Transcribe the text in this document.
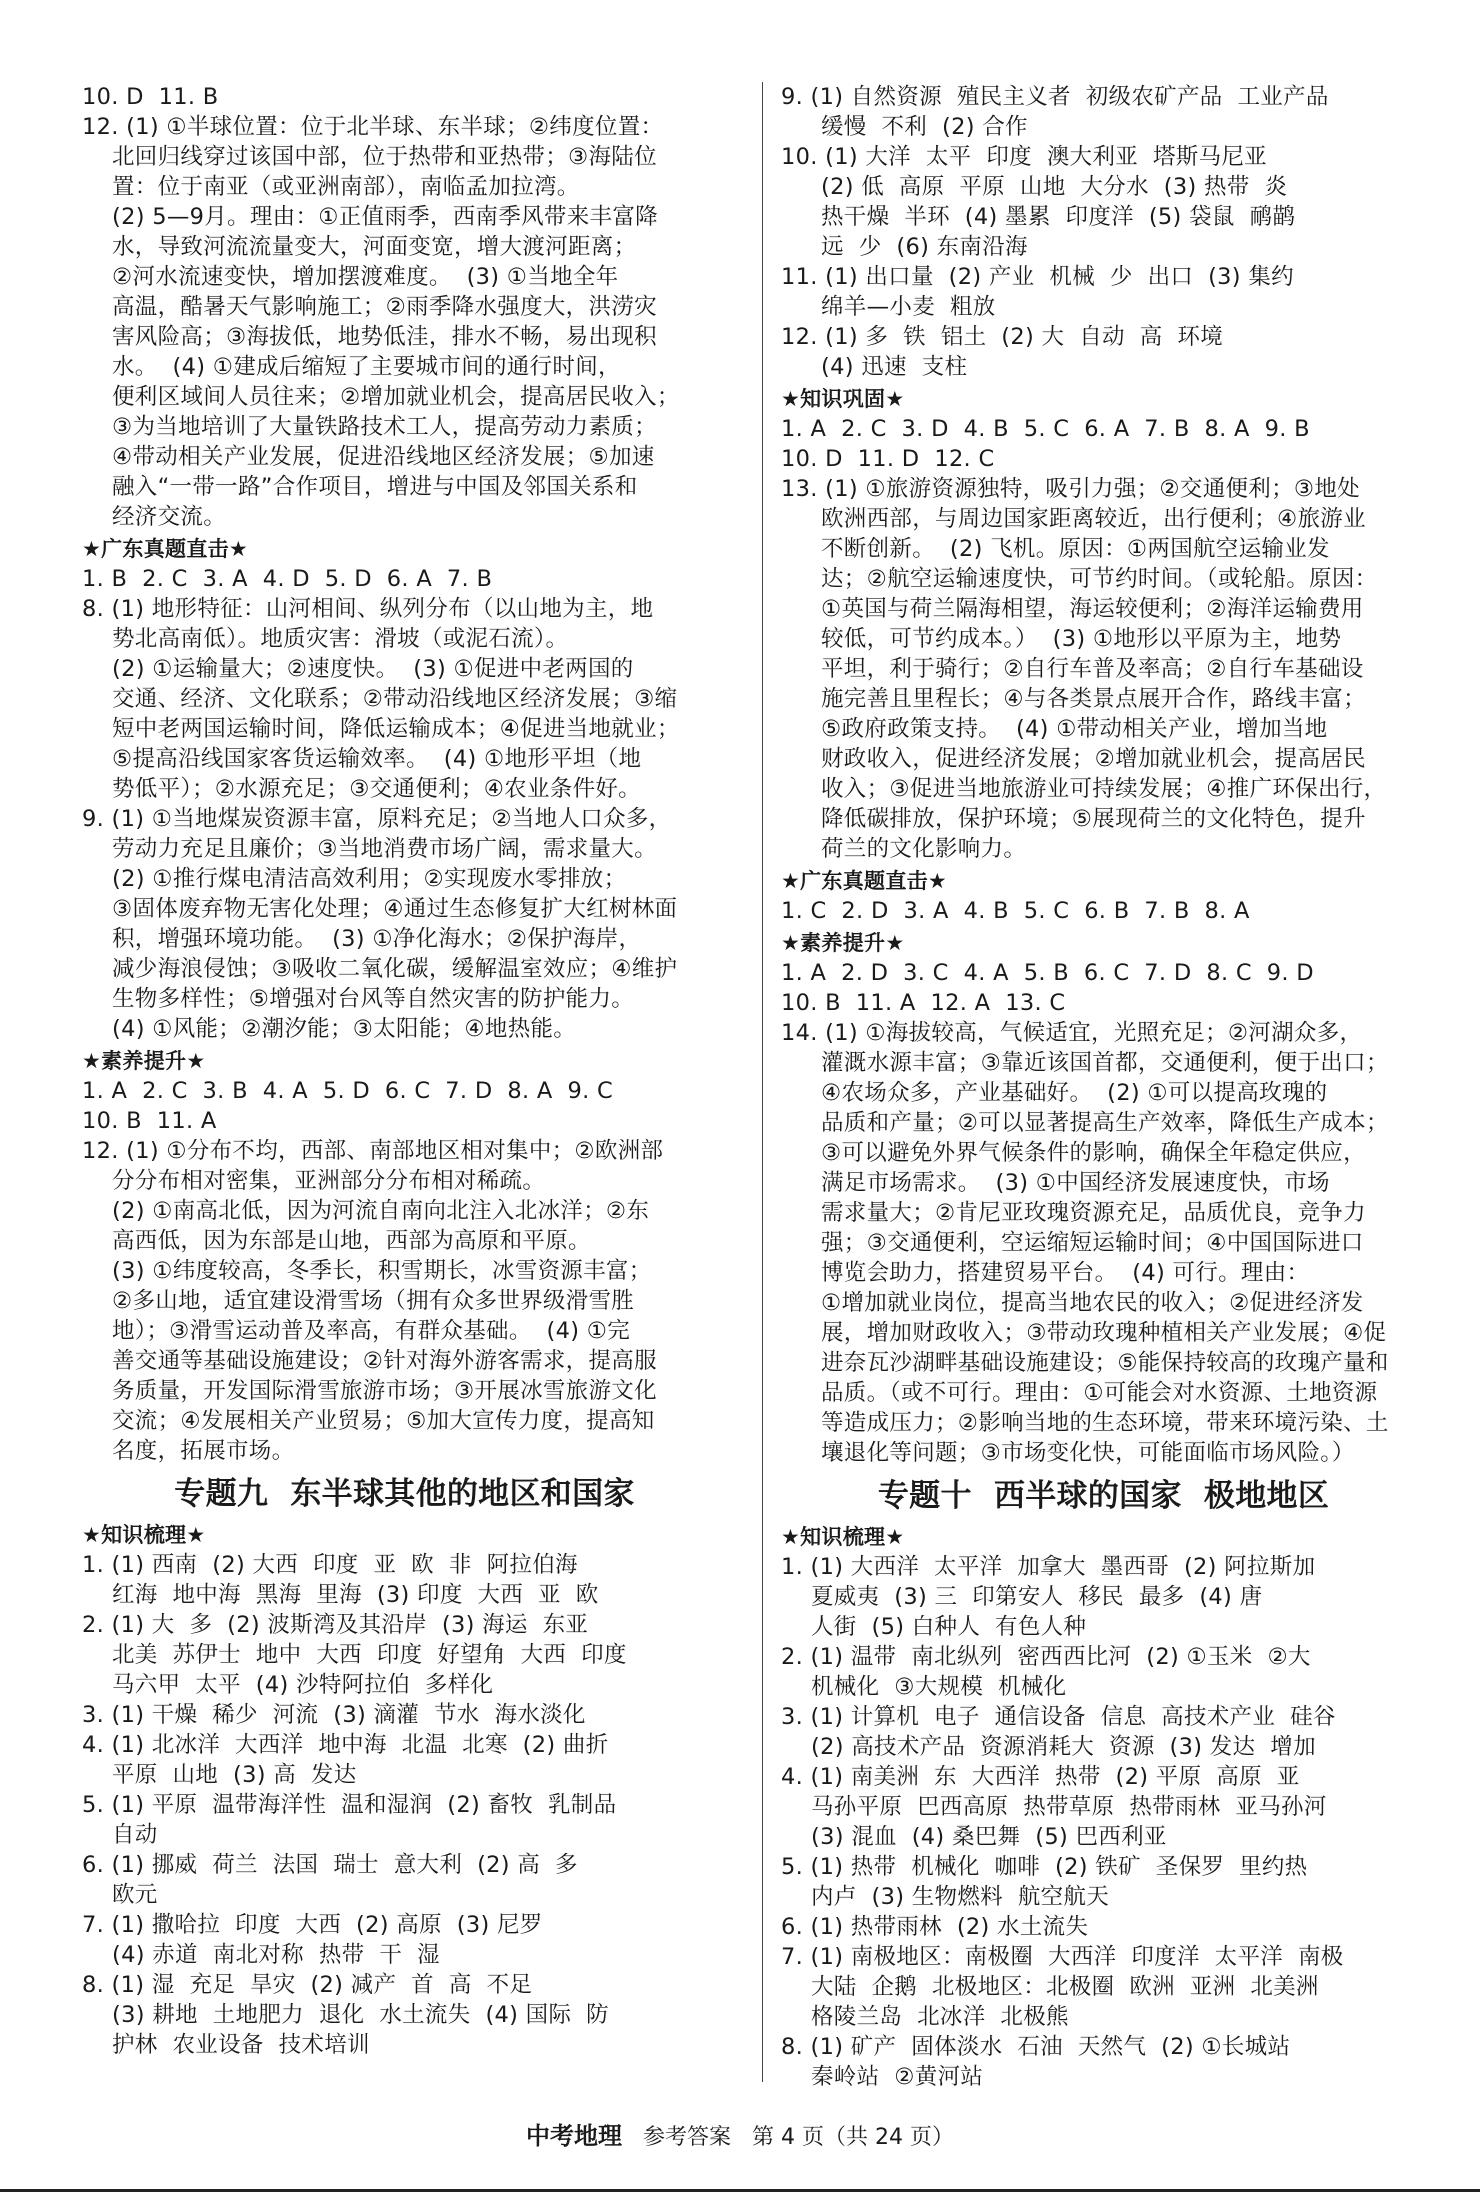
10. D  11. B
12. (1) ①半球位置：位于北半球、东半球；②纬度位置：
北回归线穿过该国中部，位于热带和亚热带；③海陆位
置：位于南亚（或亚洲南部），南临孟加拉湾。
(2) 5—9月。理由：①正值雨季，西南季风带来丰富降
水，导致河流流量变大，河面变宽，增大渡河距离；
②河水流速变快，增加摆渡难度。  (3) ①当地全年
高温，酷暑天气影响施工；②雨季降水强度大，洪涝灾
害风险高；③海拔低，地势低洼，排水不畅，易出现积
水。  (4) ①建成后缩短了主要城市间的通行时间，
便利区域间人员往来；②增加就业机会，提高居民收入；
③为当地培训了大量铁路技术工人，提高劳动力素质；
④带动相关产业发展，促进沿线地区经济发展；⑤加速
融入“一带一路”合作项目，增进与中国及邻国关系和
经济交流。
★广东真题直击★
1. B  2. C  3. A  4. D  5. D  6. A  7. B
8. (1) 地形特征：山河相间、纵列分布（以山地为主，地
势北高南低）。地质灾害：滑坡（或泥石流）。
(2) ①运输量大；②速度快。  (3) ①促进中老两国的
交通、经济、文化联系；②带动沿线地区经济发展；③缩
短中老两国运输时间，降低运输成本；④促进当地就业；
⑤提高沿线国家客货运输效率。  (4) ①地形平坦（地
势低平）；②水源充足；③交通便利；④农业条件好。
9. (1) ①当地煤炭资源丰富，原料充足；②当地人口众多，
劳动力充足且廉价；③当地消费市场广阔，需求量大。
(2) ①推行煤电清洁高效利用；②实现废水零排放；
③固体废弃物无害化处理；④通过生态修复扩大红树林面
积，增强环境功能。  (3) ①净化海水；②保护海岸，
减少海浪侵蚀；③吸收二氧化碳，缓解温室效应；④维护
生物多样性；⑤增强对台风等自然灾害的防护能力。
(4) ①风能；②潮汐能；③太阳能；④地热能。
★素养提升★
1. A  2. C  3. B  4. A  5. D  6. C  7. D  8. A  9. C
10. B  11. A
12. (1) ①分布不均，西部、南部地区相对集中；②欧洲部
分分布相对密集，亚洲部分分布相对稀疏。
(2) ①南高北低，因为河流自南向北注入北冰洋；②东
高西低，因为东部是山地，西部为高原和平原。
(3) ①纬度较高，冬季长，积雪期长，冰雪资源丰富；
②多山地，适宜建设滑雪场（拥有众多世界级滑雪胜
地）；③滑雪运动普及率高，有群众基础。  (4) ①完
善交通等基础设施建设；②针对海外游客需求，提高服
务质量，开发国际滑雪旅游市场；③开展冰雪旅游文化
交流；④发展相关产业贸易；⑤加大宣传力度，提高知
名度，拓展市场。
专题九  东半球其他的地区和国家
★知识梳理★
1. (1) 西南  (2) 大西  印度  亚  欧  非  阿拉伯海
红海  地中海  黑海  里海  (3) 印度  大西  亚  欧
2. (1) 大  多  (2) 波斯湾及其沿岸  (3) 海运  东亚
北美  苏伊士  地中  大西  印度  好望角  大西  印度
马六甲  太平  (4) 沙特阿拉伯  多样化
3. (1) 干燥  稀少  河流  (3) 滴灌  节水  海水淡化
4. (1) 北冰洋  大西洋  地中海  北温  北寒  (2) 曲折
平原  山地  (3) 高  发达
5. (1) 平原  温带海洋性  温和湿润  (2) 畜牧  乳制品
自动
6. (1) 挪威  荷兰  法国  瑞士  意大利  (2) 高  多
欧元
7. (1) 撒哈拉  印度  大西  (2) 高原  (3) 尼罗
(4) 赤道  南北对称  热带  干  湿
8. (1) 湿  充足  旱灾  (2) 减产  首  高  不足
(3) 耕地  土地肥力  退化  水土流失  (4) 国际  防
护林  农业设备  技术培训
9. (1) 自然资源  殖民主义者  初级农矿产品  工业产品
缓慢  不利  (2) 合作
10. (1) 大洋  太平  印度  澳大利亚  塔斯马尼亚
(2) 低  高原  平原  山地  大分水  (3) 热带  炎
热干燥  半环  (4) 墨累  印度洋  (5) 袋鼠  鸸鹋
远  少  (6) 东南沿海
11. (1) 出口量  (2) 产业  机械  少  出口  (3) 集约
绵羊—小麦  粗放
12. (1) 多  铁  铝土  (2) 大  自动  高  环境
(4) 迅速  支柱
★知识巩固★
1. A  2. C  3. D  4. B  5. C  6. A  7. B  8. A  9. B
10. D  11. D  12. C
13. (1) ①旅游资源独特，吸引力强；②交通便利；③地处
欧洲西部，与周边国家距离较近，出行便利；④旅游业
不断创新。  (2) 飞机。原因：①两国航空运输业发
达；②航空运输速度快，可节约时间。（或轮船。原因：
①英国与荷兰隔海相望，海运较便利；②海洋运输费用
较低，可节约成本。）  (3) ①地形以平原为主，地势
平坦，利于骑行；②自行车普及率高；②自行车基础设
施完善且里程长；④与各类景点展开合作，路线丰富；
⑤政府政策支持。  (4) ①带动相关产业，增加当地
财政收入，促进经济发展；②增加就业机会，提高居民
收入；③促进当地旅游业可持续发展；④推广环保出行，
降低碳排放，保护环境；⑤展现荷兰的文化特色，提升
荷兰的文化影响力。
★广东真题直击★
1. C  2. D  3. A  4. B  5. C  6. B  7. B  8. A
★素养提升★
1. A  2. D  3. C  4. A  5. B  6. C  7. D  8. C  9. D
10. B  11. A  12. A  13. C
14. (1) ①海拔较高，气候适宜，光照充足；②河湖众多，
灌溉水源丰富；③靠近该国首都，交通便利，便于出口；
④农场众多，产业基础好。  (2) ①可以提高玫瑰的
品质和产量；②可以显著提高生产效率，降低生产成本；
③可以避免外界气候条件的影响，确保全年稳定供应，
满足市场需求。  (3) ①中国经济发展速度快，市场
需求量大；②肯尼亚玫瑰资源充足，品质优良，竞争力
强；③交通便利，空运缩短运输时间；④中国国际进口
博览会助力，搭建贸易平台。  (4) 可行。理由：
①增加就业岗位，提高当地农民的收入；②促进经济发
展，增加财政收入；③带动玫瑰种植相关产业发展；④促
进奈瓦沙湖畔基础设施建设；⑤能保持较高的玫瑰产量和
品质。（或不可行。理由：①可能会对水资源、土地资源
等造成压力；②影响当地的生态环境，带来环境污染、土
壤退化等问题；③市场变化快，可能面临市场风险。）
专题十  西半球的国家  极地地区
★知识梳理★
1. (1) 大西洋  太平洋  加拿大  墨西哥  (2) 阿拉斯加
夏威夷  (3) 三  印第安人  移民  最多  (4) 唐
人街  (5) 白种人  有色人种
2. (1) 温带  南北纵列  密西西比河  (2) ①玉米  ②大
机械化  ③大规模  机械化
3. (1) 计算机  电子  通信设备  信息  高技术产业  硅谷
(2) 高技术产品  资源消耗大  资源  (3) 发达  增加
4. (1) 南美洲  东  大西洋  热带  (2) 平原  高原  亚
马孙平原  巴西高原  热带草原  热带雨林  亚马孙河
(3) 混血  (4) 桑巴舞  (5) 巴西利亚
5. (1) 热带  机械化  咖啡  (2) 铁矿  圣保罗  里约热
内卢  (3) 生物燃料  航空航天
6. (1) 热带雨林  (2) 水土流失
7. (1) 南极地区：南极圈  大西洋  印度洋  太平洋  南极
大陆  企鹅  北极地区：北极圈  欧洲  亚洲  北美洲
格陵兰岛  北冰洋  北极熊
8. (1) 矿产  固体淡水  石油  天然气  (2) ①长城站
秦岭站  ②黄河站
中考地理 参考答案 第 4 页（共 24 页）
